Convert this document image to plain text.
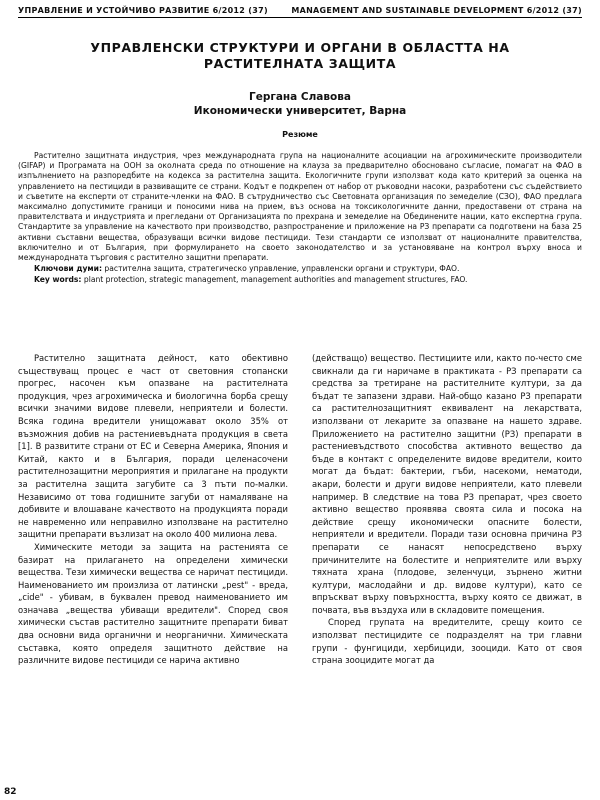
УПРАВЛЕНИЕ И УСТОЙЧИВО РАЗВИТИЕ 6/2012 (37)	MANAGEMENT AND SUSTAINABLE DEVELOPMENT 6/2012 (37)
УПРАВЛЕНСКИ СТРУКТУРИ И ОРГАНИ В ОБЛАСТТА НА РАСТИТЕЛНАТА ЗАЩИТА
Гергана Славова
Икономически университет, Варна
Резюме
Растително защитната индустрия, чрез международната група на националните асоциации на агрохимическите производители (GIFAP) и Програмата на ООН за околната среда по отношение на клауза за предварително обосновано съгласие, помагат на ФАО в изпълнението на разпоредбите на кодекса за растителна защита. Екологичните групи използват кода като критерий за оценка на управлението на пестициди в развиващите се страни. Кодът е подкрепен от набор от ръководни насоки, разработени със съдействието и съветите на експерти от страните-членки на ФАО. В сътрудничество със Световната организация по земеделие (СЗО), ФАО предлага максимално допустимите граници и поносими нива на прием, въз основа на токсикологичните данни, предоставени от страна на правителствата и индустрията и прегледани от Организацията по прехрана и земеделие на Обединените нации, като експертна група. Стандартите за управление на качеството при производство, разпространение и приложение на РЗ препарати са подготвени на база 25 активни съставни вещества, образуващи всички видове пестициди. Тези стандарти се използват от националните правителства, включително и от България, при формулирането на своето законодателство и за установяване на контрол върху вноса и международната търговия с растително защитни препарати.
Ключови думи: растителна защита, стратегическо управление, управленски органи и структури, ФАО.
Key words: plant protection, strategic management, management authorities and management structures, FAO.

Растително защитната дейност, като обективно съществуващ процес е част от световния стопански прогрес, насочен към опазване на растителната продукция, чрез агрохимическа и биологична борба срещу всички значими видове плевели, неприятели и болести. Всяка година вредители унищожават около 35% от възможния добив на растениевъдната продукция в света [1]. В развитите страни от ЕС и Северна Америка, Япония и Китай, както и в България, поради целенасочени растителнозащитни мероприятия и прилагане на продукти за растителна защита загубите са 3 пъти по-малки. Независимо от това годишните загуби от намаляване на добивите и влошаване качеството на продукцията поради не навременно или неправилно използване на растително защитни препарати възлизат на около 400 милиона лева.

Химическите методи за защита на растенията се базират на прилагането на определени химически вещества. Тези химически вещества се наричат пестициди. Наименованието им произлиза от латински „pest" - вреда, „cide" - убивам, в буквален превод наименованието им означава „вещества убиващи вредители". Според своя химически състав растително защитните препарати биват два основни вида органични и неорганични. Химическата съставка, която определя защитното действие на различните видове пестициди се нарича активно

(действащо) вещество. Пестициите или, както по-често сме свикнали да ги наричаме в практиката - РЗ препарати са средства за третиране на растителните култури, за да бъдат те запазени здрави. Най-общо казано РЗ препарати са растителнозащитният еквивалент на лекарствата, използвани от лекарите за опазване на нашето здраве. Приложението на растително защитни (РЗ) препарати в растениевъдството способства активното вещество да бъде в контакт с определените видове вредители, които могат да бъдат: бактерии, гъби, насекоми, нематоди, акари, болести и други видове неприятели, като плевели например. В следствие на това РЗ препарат, чрез своето активно вещество проявява своята сила и посока на действие срещу икономически опасните болести, неприятели и вредители. Поради тази основна причина РЗ препарати се нанасят непосредствено върху причинителите на болестите и неприятелите или върху тяхната храна (плодове, зеленчуци, зърнено житни култури, маслодайни и др. видове култури), като се впръскват върху повърхността, върху която се движат, в почвата, във въздуха или в складовите помещения.

Според групата на вредителите, срещу които се използват пестицидите се подразделят на три главни групи - фунгициди, хербициди, зооциди. Като от своя страна зооцидите могат да

82
